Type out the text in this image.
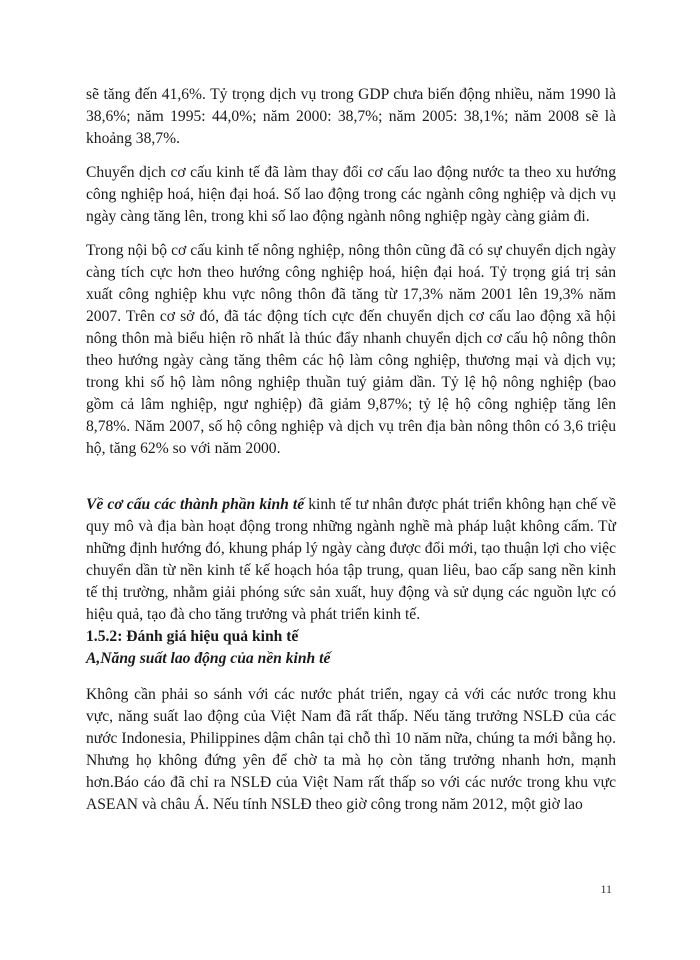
sẽ tăng đến 41,6%. Tỷ trọng dịch vụ trong GDP chưa biến động nhiều, năm 1990 là 38,6%; năm 1995: 44,0%; năm 2000: 38,7%; năm 2005: 38,1%; năm 2008 sẽ là khoảng 38,7%.

Chuyển dịch cơ cấu kinh tế đã làm thay đổi cơ cấu lao động nước ta theo xu hướng công nghiệp hoá, hiện đại hoá. Số lao động trong các ngành công nghiệp và dịch vụ ngày càng tăng lên, trong khi số lao động ngành nông nghiệp ngày càng giảm đi.

Trong nội bộ cơ cấu kinh tế nông nghiệp, nông thôn cũng đã có sự chuyển dịch ngày càng tích cực hơn theo hướng công nghiệp hoá, hiện đại hoá. Tỷ trọng giá trị sản xuất công nghiệp khu vực nông thôn đã tăng từ 17,3% năm 2001 lên 19,3% năm 2007. Trên cơ sở đó, đã tác động tích cực đến chuyển dịch cơ cấu lao động xã hội nông thôn mà biểu hiện rõ nhất là thúc đẩy nhanh chuyển dịch cơ cấu hộ nông thôn theo hướng ngày càng tăng thêm các hộ làm công nghiệp, thương mại và dịch vụ; trong khi số hộ làm nông nghiệp thuần tuý giảm dần. Tỷ lệ hộ nông nghiệp (bao gồm cả lâm nghiệp, ngư nghiệp) đã giảm 9,87%; tỷ lệ hộ công nghiệp tăng lên 8,78%. Năm 2007, số hộ công nghiệp và dịch vụ trên địa bàn nông thôn có 3,6 triệu hộ, tăng 62% so với năm 2000.

Về cơ cấu các thành phần kinh tế kinh tế tư nhân được phát triển không hạn chế về quy mô và địa bàn hoạt động trong những ngành nghề mà pháp luật không cấm. Từ những định hướng đó, khung pháp lý ngày càng được đổi mới, tạo thuận lợi cho việc chuyển dần từ nền kinh tế kế hoạch hóa tập trung, quan liêu, bao cấp sang nền kinh tế thị trường, nhằm giải phóng sức sản xuất, huy động và sử dụng các nguồn lực có hiệu quả, tạo đà cho tăng trưởng và phát triển kinh tế.

1.5.2: Đánh giá hiệu quả kinh tế

A,Năng suất lao động của nền kinh tế

Không cần phải so sánh với các nước phát triển, ngay cả với các nước trong khu vực, năng suất lao động của Việt Nam đã rất thấp. Nếu tăng trưởng NSLĐ của các nước Indonesia, Philippines dậm chân tại chỗ thì 10 năm nữa, chúng ta mới bằng họ. Nhưng họ không đứng yên để chờ ta mà họ còn tăng trưởng nhanh hơn, mạnh hơn.Báo cáo đã chỉ ra NSLĐ của Việt Nam rất thấp so với các nước trong khu vực ASEAN và châu Á. Nếu tính NSLĐ theo giờ công trong năm 2012, một giờ lao

11
